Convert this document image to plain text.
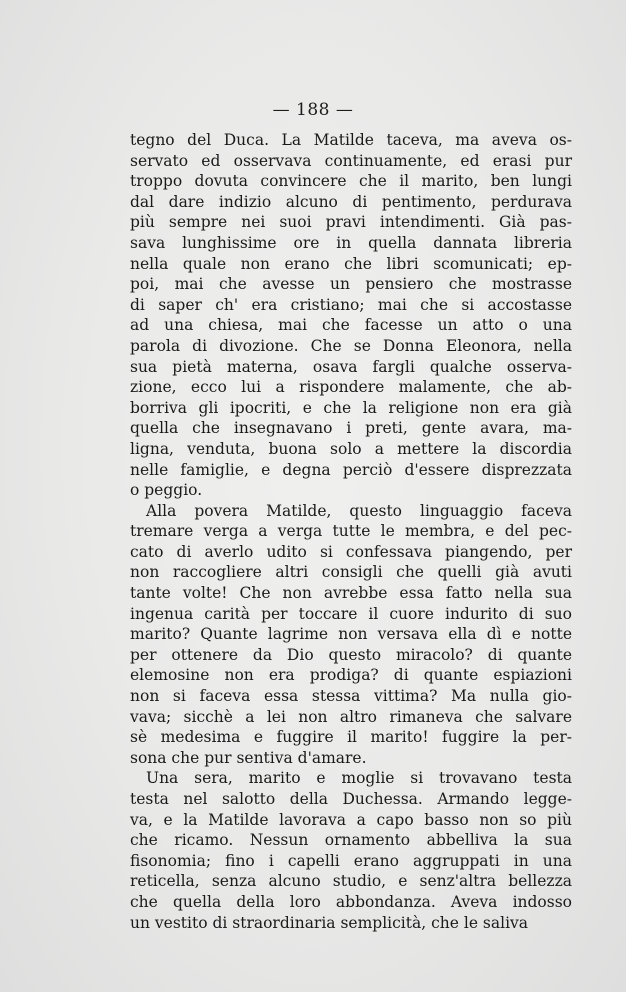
— 188 —
tegno del Duca. La Matilde taceva, ma aveva os-
servato ed osservava continuamente, ed erasi pur
troppo dovuta convincere che il marito, ben lungi
dal dare indizio alcuno di pentimento, perdurava
più sempre nei suoi pravi intendimenti. Già pas-
sava lunghissime ore in quella dannata libreria
nella quale non erano che libri scomunicati; ep-
poi, mai che avesse un pensiero che mostrasse
di saper ch' era cristiano; mai che si accostasse
ad una chiesa, mai che facesse un atto o una
parola di divozione. Che se Donna Eleonora, nella
sua pietà materna, osava fargli qualche osserva-
zione, ecco lui a rispondere malamente, che ab-
borriva gli ipocriti, e che la religione non era già
quella che insegnavano i preti, gente avara, ma-
ligna, venduta, buona solo a mettere la discordia
nelle famiglie, e degna perciò d'essere disprezzata
o peggio.
Alla povera Matilde, questo linguaggio faceva
tremare verga a verga tutte le membra, e del pec-
cato di averlo udito si confessava piangendo, per
non raccogliere altri consigli che quelli già avuti
tante volte! Che non avrebbe essa fatto nella sua
ingenua carità per toccare il cuore indurito di suo
marito? Quante lagrime non versava ella dì e notte
per ottenere da Dio questo miracolo? di quante
elemosine non era prodiga? di quante espiazioni
non si faceva essa stessa vittima? Ma nulla gio-
vava; sicchè a lei non altro rimaneva che salvare
sè medesima e fuggire il marito! fuggire la per-
sona che pur sentiva d'amare.
Una sera, marito e moglie si trovavano testa
testa nel salotto della Duchessa. Armando legge-
va, e la Matilde lavorava a capo basso non so più
che ricamo. Nessun ornamento abbelliva la sua
fisonomia; fino i capelli erano aggruppati in una
reticella, senza alcuno studio, e senz'altra bellezza
che quella della loro abbondanza. Aveva indosso
un vestito di straordinaria semplicità, che le saliva
